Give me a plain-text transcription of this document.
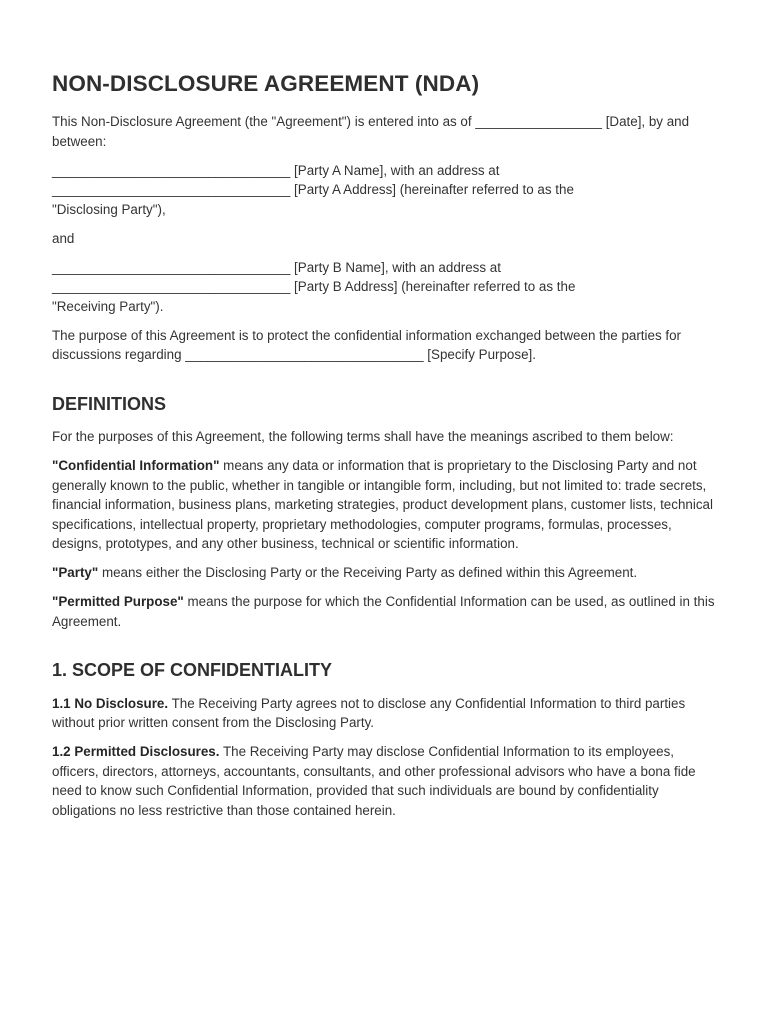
NON-DISCLOSURE AGREEMENT (NDA)

This Non-Disclosure Agreement (the "Agreement") is entered into as of _________________ [Date], by and between:

________________________________ [Party A Name], with an address at
________________________________ [Party A Address] (hereinafter referred to as the
"Disclosing Party"),

and

________________________________ [Party B Name], with an address at
________________________________ [Party B Address] (hereinafter referred to as the
"Receiving Party").

The purpose of this Agreement is to protect the confidential information exchanged between the parties for discussions regarding ________________________________ [Specify Purpose].

DEFINITIONS

For the purposes of this Agreement, the following terms shall have the meanings ascribed to them below:

"Confidential Information" means any data or information that is proprietary to the Disclosing Party and not generally known to the public, whether in tangible or intangible form, including, but not limited to: trade secrets, financial information, business plans, marketing strategies, product development plans, customer lists, technical specifications, intellectual property, proprietary methodologies, computer programs, formulas, processes, designs, prototypes, and any other business, technical or scientific information.

"Party" means either the Disclosing Party or the Receiving Party as defined within this Agreement.

"Permitted Purpose" means the purpose for which the Confidential Information can be used, as outlined in this Agreement.

1. SCOPE OF CONFIDENTIALITY

1.1 No Disclosure. The Receiving Party agrees not to disclose any Confidential Information to third parties without prior written consent from the Disclosing Party.

1.2 Permitted Disclosures. The Receiving Party may disclose Confidential Information to its employees, officers, directors, attorneys, accountants, consultants, and other professional advisors who have a bona fide need to know such Confidential Information, provided that such individuals are bound by confidentiality obligations no less restrictive than those contained herein.
